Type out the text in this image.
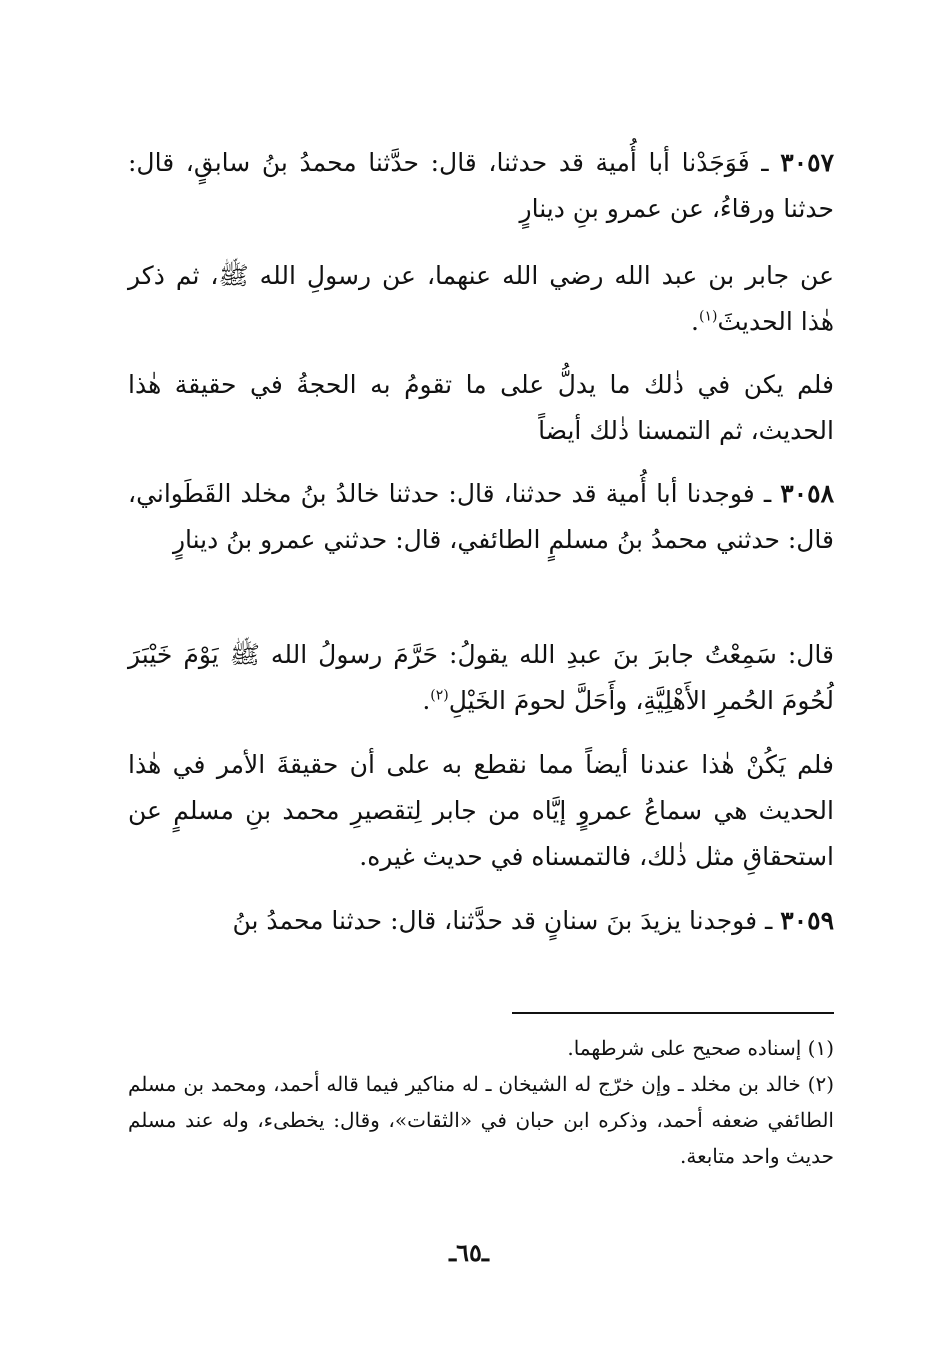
٣٠٥٧ ـ فَوَجَدْنا أبا أُمية قد حدثنا، قال: حدَّثنا محمدُ بنُ سابقٍ، قال: حدثنا ورقاءُ، عن عمرو بنِ دينارٍ
عن جابر بن عبد الله رضي الله عنهما، عن رسولِ الله ﷺ، ثم ذكر هٰذا الحديثَ$^{(١)}$.
فلم يكن في ذٰلك ما يدلُّ على ما تقومُ به الحجةُ في حقيقة هٰذا الحديث، ثم التمسنا ذٰلك أيضاً
٣٠٥٨ ـ فوجدنا أبا أُمية قد حدثنا، قال: حدثنا خالدُ بنُ مخلد القَطَواني، قال: حدثني محمدُ بنُ مسلمٍ الطائفي، قال: حدثني عمرو بنُ دينارٍ
قال: سَمِعْتُ جابرَ بنَ عبدِ الله يقولُ: حَرَّمَ رسولُ الله ﷺ يَوْمَ خَيْبَرَ لُحُومَ الحُمرِ الأَهْلِيَّةِ، وأَحَلَّ لحومَ الخَيْلِ$^{(٢)}$.
فلم يَكُنْ هٰذا عندنا أيضاً مما نقطع به على أن حقيقةَ الأمر في هٰذا الحديث هي سماعُ عمروٍ إيَّاه من جابر لِتقصيرِ محمد بنِ مسلمٍ عن استحقاقِ مثل ذٰلك، فالتمسناه في حديث غيره.
٣٠٥٩ ـ فوجدنا يزيدَ بنَ سنانٍ قد حدَّثنا، قال: حدثنا محمدُ بنُ

(١) إسناده صحيح على شرطهما.

(٢) خالد بن مخلد ـ وإن خرّج له الشيخان ـ له مناكير فيما قاله أحمد، ومحمد بن مسلم الطائفي ضعفه أحمد، وذكره ابن حبان في «الثقات»، وقال: يخطىء، وله عند مسلم حديث واحد متابعة.

ـ٦٥ـ
